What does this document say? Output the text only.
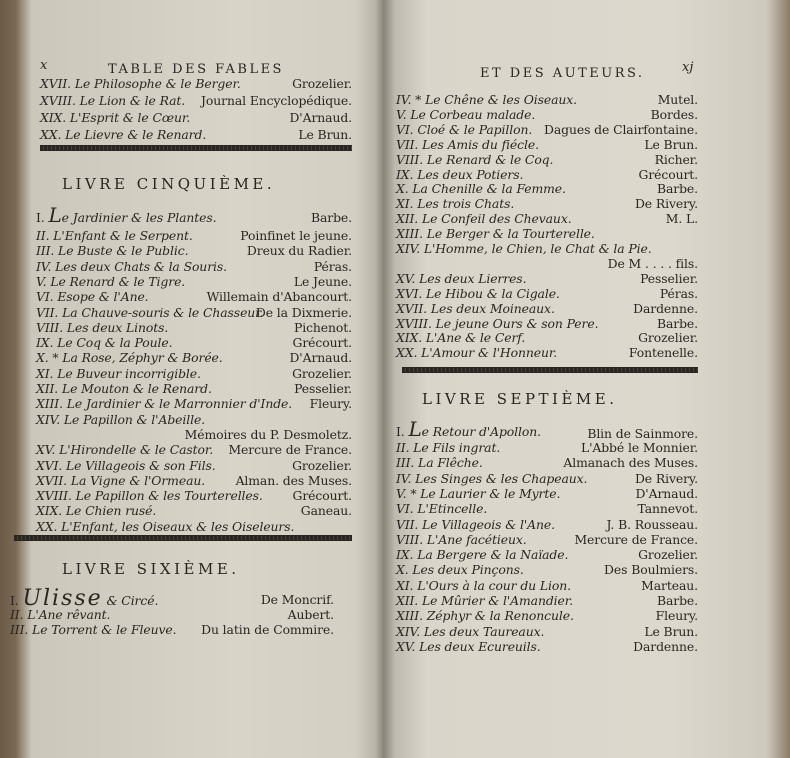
x	TABLE DES FABLES
XVII. Le Philosophe & le Berger.	Grozelier.
XVIII. Le Lion & le Rat. Journal Encyclopédique.
XIX. L'Esprit & le Cœur.	D'Arnaud.
XX. Le Lievre & le Renard.	Le Brun.
LIVRE CINQUIÈME.
I. Le Jardinier & les Plantes.	Barbe.
II. L'Enfant & le Serpent.	Poinfinet le jeune.
III. Le Buste & le Public.	Dreux du Radier.
IV. Les deux Chats & la Souris.	Péras.
V. Le Renard & le Tigre.	Le Jeune.
VI. Esope & l'Ane.	Willemain d'Abancourt.
VII. La Chauve-souris & le Chasseur.
De la Dixmerie.
VIII. Les deux Linots.	Pichenot.
IX. Le Coq & la Poule.	Grécourt.
X. * La Rose, Zéphyr & Borée.	D'Arnaud.
XI. Le Buveur incorrigible.	Grozelier.
XII. Le Mouton & le Renard.	Pesselier.
XIII. Le Jardinier & le Marronnier d'Inde. Fleury.
XIV. Le Papillon & l'Abeille.
Mémoires du P. Desmoletz.
XV. L'Hirondelle & le Castor. Mercure de France.
XVI. Le Villageois & son Fils.	Grozelier.
XVII. La Vigne & l'Ormeau. Alman. des Muses.
XVIII. Le Papillon & les Tourterelles. Grécourt.
XIX. Le Chien rusé.	Ganeau.
XX. L'Enfant, les Oiseaux & les Oiseleurs.
LIVRE SIXIÈME.
I. Ulisse & Circé.	De Moncrif.
II. L'Ane rêvant.	Aubert.
III. Le Torrent & le Fleuve. Du latin de Commire.
ET DES AUTEURS.	xj
IV. * Le Chêne & les Oiseaux.	Mutel.
V. Le Corbeau malade.	Bordes.
VI. Cloé & le Papillon. Dagues de Clairfontaine.
VII. Les Amis du fiécle.	Le Brun.
VIII. Le Renard & le Coq.	Richer.
IX. Les deux Potiers.	Grécourt.
X. La Chenille & la Femme.	Barbe.
XI. Les trois Chats.	De Rivery.
XII. Le Confeil des Chevaux.	M. L.
XIII. Le Berger & la Tourterelle.
XIV. L'Homme, le Chien, le Chat & la Pie.
De M . . . . fils.
XV. Les deux Lierres.	Pesselier.
XVI. Le Hibou & la Cigale.	Péras.
XVII. Les deux Moineaux.	Dardenne.
XVIII. Le jeune Ours & son Pere.	Barbe.
XIX. L'Ane & le Cerf.	Grozelier.
XX. L'Amour & l'Honneur.	Fontenelle.
LIVRE SEPTIÈME.
I. Le Retour d'Apollon.	Blin de Sainmore.
II. Le Fils ingrat.	L'Abbé le Monnier.
III. La Flêche.	Almanach des Muses.
IV. Les Singes & les Chapeaux.	De Rivery.
V. * Le Laurier & le Myrte.	D'Arnaud.
VI. L'Etincelle.	Tannevot.
VII. Le Villageois & l'Ane.	J. B. Rousseau.
VIII. L'Ane facétieux.	Mercure de France.
IX. La Bergere & la Naïade.	Grozelier.
X. Les deux Pinçons.	Des Boulmiers.
XI. L'Ours à la cour du Lion.	Marteau.
XII. Le Mûrier & l'Amandier.	Barbe.
XIII. Zéphyr & la Renoncule.	Fleury.
XIV. Les deux Taureaux.	Le Brun.
XV. Les deux Ecureuils.	Dardenne.
